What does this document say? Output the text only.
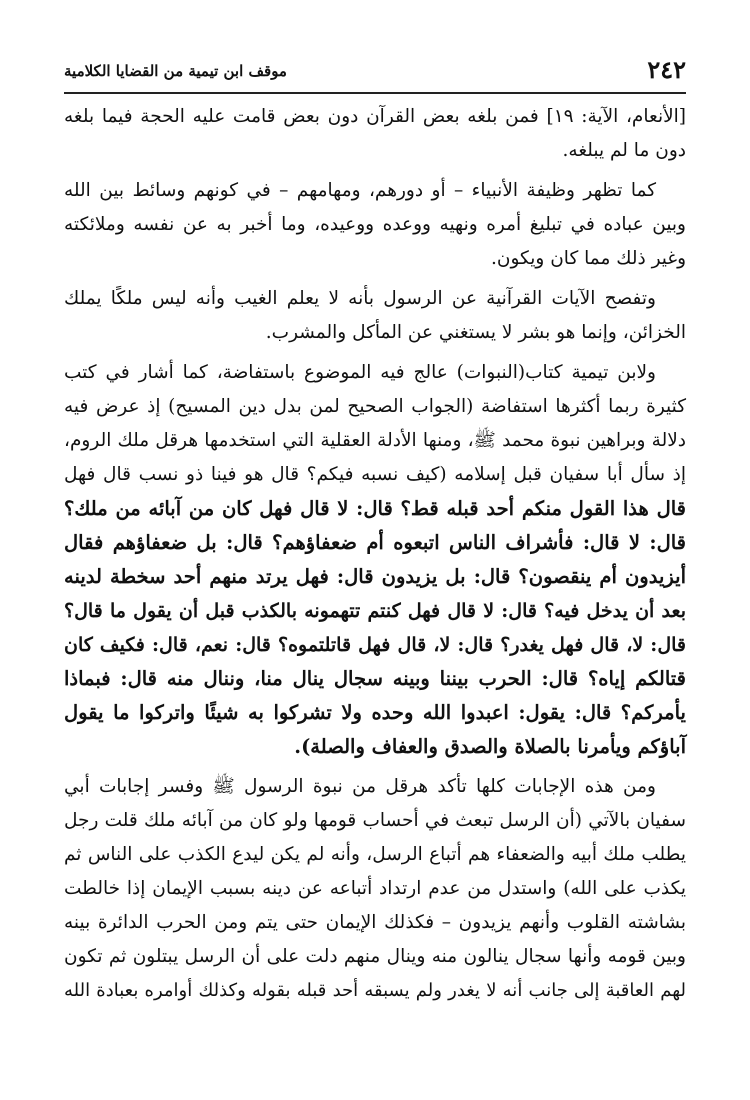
٢٤٢
موقف ابن تيمية من القضايا الكلامية
[الأنعام، الآية: ١٩] فمن بلغه بعض القرآن دون بعض قامت عليه الحجة فيما بلغه
دون ما لم يبلغه.
كما تظهر وظيفة الأنبياء – أو دورهم، ومهامهم – في كونهم وسائط بين الله
وبين عباده في تبليغ أمره ونهيه ووعده ووعيده، وما أخبر به عن نفسه وملائكته
وغير ذلك مما كان ويكون.
وتفصح الآيات القرآنية عن الرسول بأنه لا يعلم الغيب وأنه ليس ملكًا يملك
الخزائن، وإنما هو بشر لا يستغني عن المأكل والمشرب.
ولابن تيمية كتاب(النبوات) عالج فيه الموضوع باستفاضة، كما أشار في كتب
كثيرة ربما أكثرها استفاضة (الجواب الصحيح لمن بدل دين المسيح) إذ عرض فيه
دلالة وبراهين نبوة محمد ﷺ، ومنها الأدلة العقلية التي استخدمها هرقل ملك الروم،
إذ سأل أبا سفيان قبل إسلامه (كيف نسبه فيكم؟ قال هو فينا ذو نسب قال فهل
قال هذا القول منكم أحد قبله قط؟ قال: لا قال فهل كان من آبائه من ملك؟
قال: لا قال: فأشراف الناس اتبعوه أم ضعفاؤهم؟ قال: بل ضعفاؤهم فقال
أيزيدون أم ينقصون؟ قال: بل يزيدون قال: فهل يرتد منهم أحد سخطة لدينه
بعد أن يدخل فيه؟ قال: لا قال فهل كنتم تتهمونه بالكذب قبل أن يقول ما قال؟
قال: لا، قال فهل يغدر؟ قال: لا، قال فهل قاتلتموه؟ قال: نعم، قال: فكيف كان
قتالكم إياه؟ قال: الحرب بيننا وبينه سجال ينال منا، وننال منه قال: فبماذا
يأمركم؟ قال: يقول: اعبدوا الله وحده ولا تشركوا به شيئًا واتركوا ما يقول
آباؤكم ويأمرنا بالصلاة والصدق والعفاف والصلة).
ومن هذه الإجابات كلها تأكد هرقل من نبوة الرسول ﷺ وفسر إجابات أبي
سفيان بالآتي (أن الرسل تبعث في أحساب قومها ولو كان من آبائه ملك قلت رجل
يطلب ملك أبيه والضعفاء هم أتباع الرسل، وأنه لم يكن ليدع الكذب على الناس ثم
يكذب على الله) واستدل من عدم ارتداد أتباعه عن دينه بسبب الإيمان إذا خالطت
بشاشته القلوب وأنهم يزيدون – فكذلك الإيمان حتى يتم ومن الحرب الدائرة بينه
وبين قومه وأنها سجال ينالون منه وينال منهم دلت على أن الرسل يبتلون ثم تكون
لهم العاقبة إلى جانب أنه لا يغدر ولم يسبقه أحد قبله بقوله وكذلك أوامره بعبادة الله
